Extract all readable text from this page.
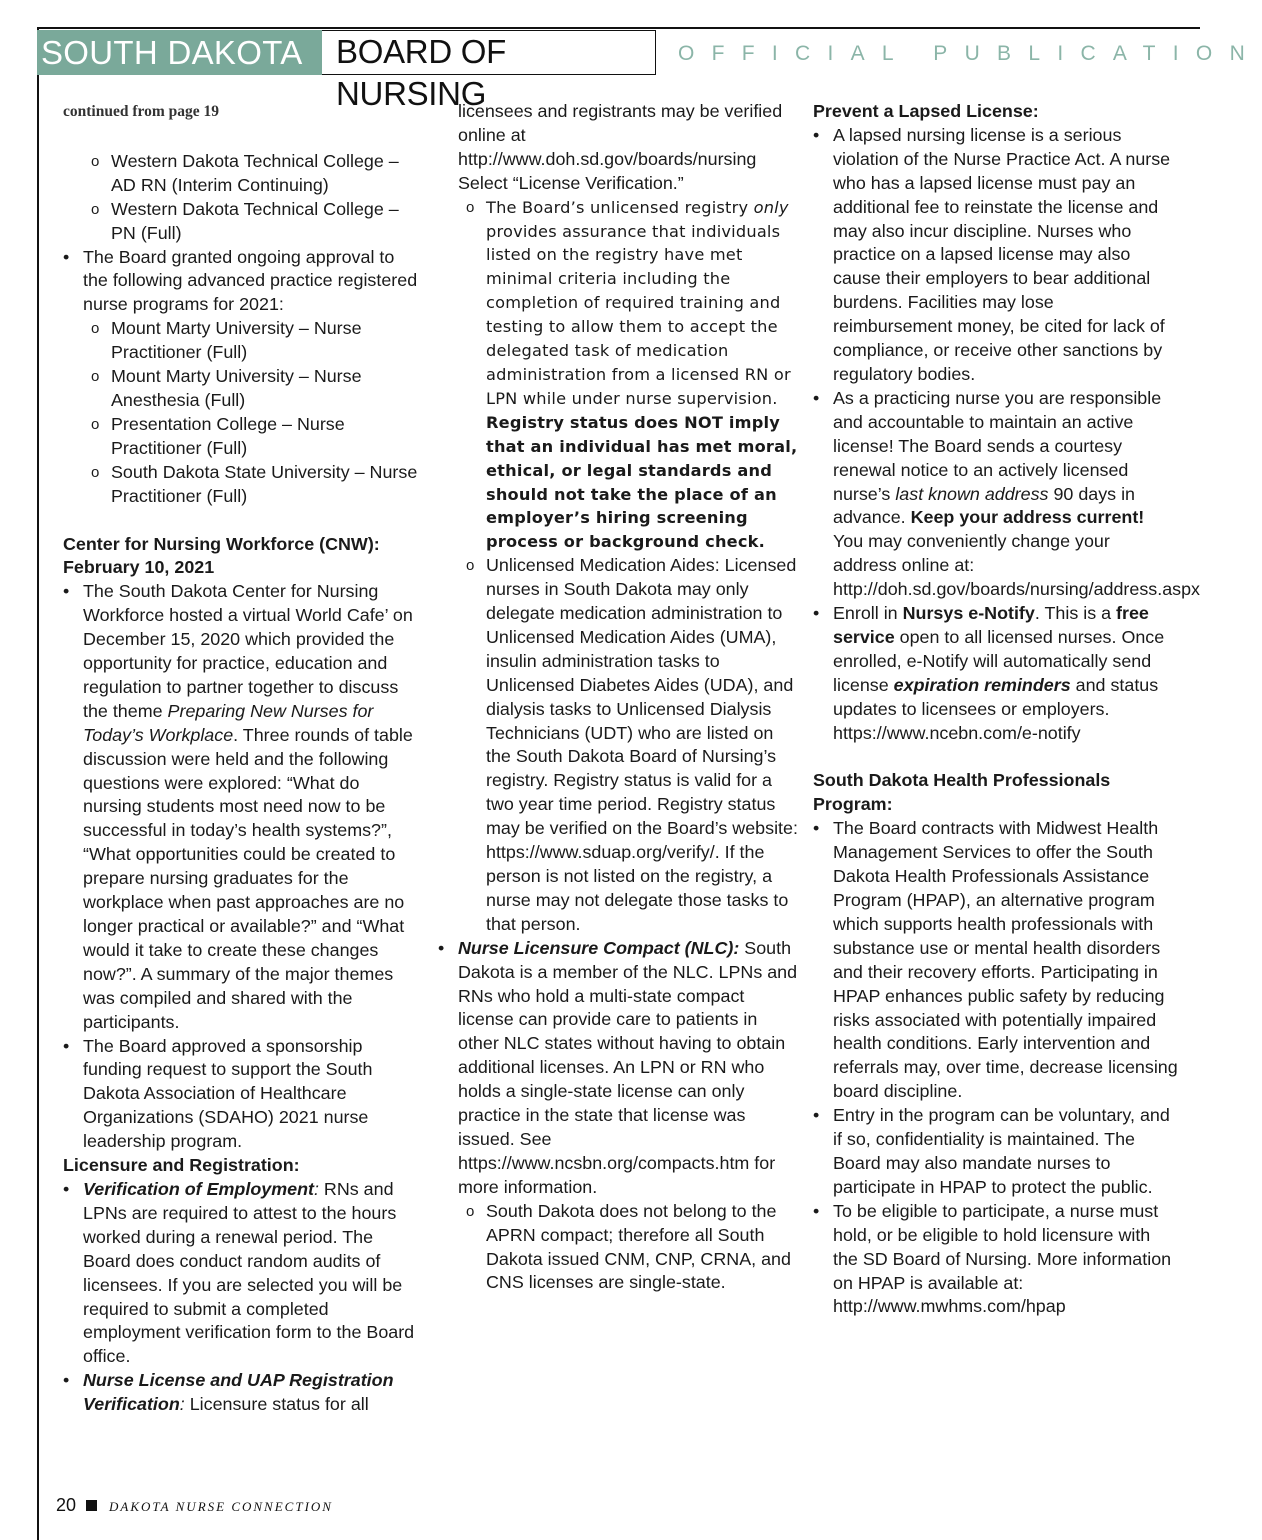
SOUTH DAKOTA	BOARD OF NURSING
OFFICIAL PUBLICATION

continued from page 19

o Western Dakota Technical College – AD RN (Interim Continuing)
o Western Dakota Technical College – PN (Full)
• The Board granted ongoing approval to the following advanced practice registered nurse programs for 2021:
o Mount Marty University – Nurse Practitioner (Full)
o Mount Marty University – Nurse Anesthesia (Full)
o Presentation College – Nurse Practitioner (Full)
o South Dakota State University – Nurse Practitioner (Full)

Center for Nursing Workforce (CNW): February 10, 2021

• The South Dakota Center for Nursing Workforce hosted a virtual World Cafe’ on December 15, 2020 which provided the opportunity for practice, education and regulation to partner together to discuss the theme Preparing New Nurses for Today’s Workplace. Three rounds of table discussion were held and the following questions were explored: “What do nursing students most need now to be successful in today’s health systems?”, “What opportunities could be created to prepare nursing graduates for the workplace when past approaches are no longer practical or available?” and “What would it take to create these changes now?”. A summary of the major themes was compiled and shared with the participants.
• The Board approved a sponsorship funding request to support the South Dakota Association of Healthcare Organizations (SDAHO) 2021 nurse leadership program.

Licensure and Registration:

• Verification of Employment: RNs and LPNs are required to attest to the hours worked during a renewal period. The Board does conduct random audits of licensees. If you are selected you will be required to submit a completed employment verification form to the Board office.
• Nurse License and UAP Registration Verification: Licensure status for all

licensees and registrants may be verified online at http://www.doh.sd.gov/boards/nursing Select “License Verification.”

o The Board’s unlicensed registry only provides assurance that individuals listed on the registry have met minimal criteria including the completion of required training and testing to allow them to accept the delegated task of medication administration from a licensed RN or LPN while under nurse supervision. Registry status does NOT imply that an individual has met moral, ethical, or legal standards and should not take the place of an employer’s hiring screening process or background check.
o Unlicensed Medication Aides: Licensed nurses in South Dakota may only delegate medication administration to Unlicensed Medication Aides (UMA), insulin administration tasks to Unlicensed Diabetes Aides (UDA), and dialysis tasks to Unlicensed Dialysis Technicians (UDT) who are listed on the South Dakota Board of Nursing’s registry. Registry status is valid for a two year time period. Registry status may be verified on the Board’s website: https://www.sduap.org/verify/. If the person is not listed on the registry, a nurse may not delegate those tasks to that person.
• Nurse Licensure Compact (NLC): South Dakota is a member of the NLC. LPNs and RNs who hold a multi-state compact license can provide care to patients in other NLC states without having to obtain additional licenses. An LPN or RN who holds a single-state license can only practice in the state that license was issued. See https://www.ncsbn.org/compacts.htm for more information.
o South Dakota does not belong to the APRN compact; therefore all South Dakota issued CNM, CNP, CRNA, and CNS licenses are single-state.

Prevent a Lapsed License:

• A lapsed nursing license is a serious violation of the Nurse Practice Act. A nurse who has a lapsed license must pay an additional fee to reinstate the license and may also incur discipline. Nurses who practice on a lapsed license may also cause their employers to bear additional burdens. Facilities may lose reimbursement money, be cited for lack of compliance, or receive other sanctions by regulatory bodies.
• As a practicing nurse you are responsible and accountable to maintain an active license! The Board sends a courtesy renewal notice to an actively licensed nurse’s last known address 90 days in advance. Keep your address current! You may conveniently change your address online at: http://doh.sd.gov/boards/nursing/address.aspx
• Enroll in Nursys e-Notify. This is a free service open to all licensed nurses. Once enrolled, e-Notify will automatically send license expiration reminders and status updates to licensees or employers. https://www.ncebn.com/e-notify

South Dakota Health Professionals Program:

• The Board contracts with Midwest Health Management Services to offer the South Dakota Health Professionals Assistance Program (HPAP), an alternative program which supports health professionals with substance use or mental health disorders and their recovery efforts. Participating in HPAP enhances public safety by reducing risks associated with potentially impaired health conditions. Early intervention and referrals may, over time, decrease licensing board discipline.
• Entry in the program can be voluntary, and if so, confidentiality is maintained. The Board may also mandate nurses to participate in HPAP to protect the public.
• To be eligible to participate, a nurse must hold, or be eligible to hold licensure with the SD Board of Nursing. More information on HPAP is available at: http://www.mwhms.com/hpap
20	DAKOTA NURSE CONNECTION
